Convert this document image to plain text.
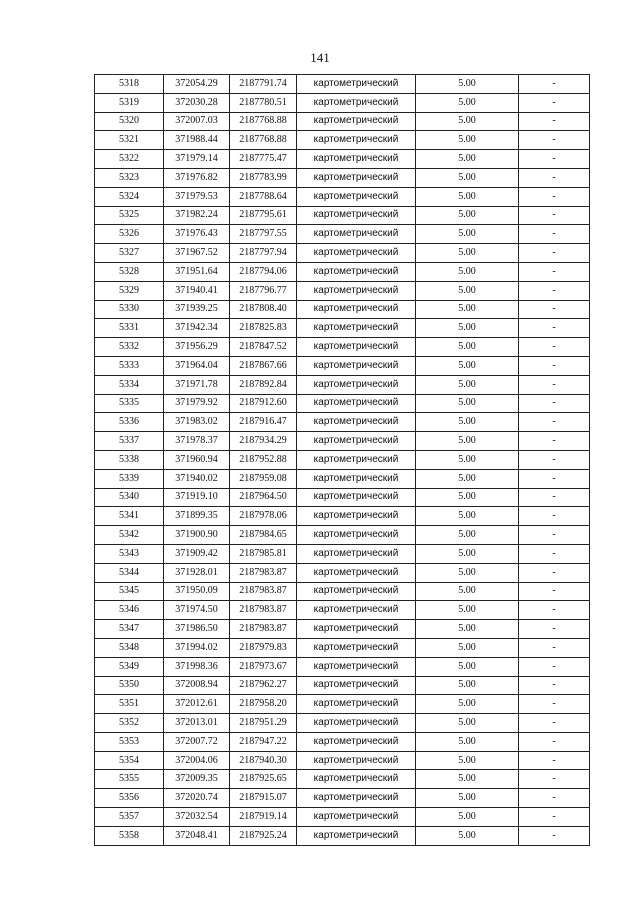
141
5318	372054.29	2187791.74	картометрический	5.00	-
5319	372030.28	2187780.51	картометрический	5.00	-
5320	372007.03	2187768.88	картометрический	5.00	-
5321	371988.44	2187768.88	картометрический	5.00	-
5322	371979.14	2187775.47	картометрический	5.00	-
5323	371976.82	2187783.99	картометрический	5.00	-
5324	371979.53	2187788.64	картометрический	5.00	-
5325	371982.24	2187795.61	картометрический	5.00	-
5326	371976.43	2187797.55	картометрический	5.00	-
5327	371967.52	2187797.94	картометрический	5.00	-
5328	371951.64	2187794.06	картометрический	5.00	-
5329	371940.41	2187796.77	картометрический	5.00	-
5330	371939.25	2187808.40	картометрический	5.00	-
5331	371942.34	2187825.83	картометрический	5.00	-
5332	371956.29	2187847.52	картометрический	5.00	-
5333	371964.04	2187867.66	картометрический	5.00	-
5334	371971.78	2187892.84	картометрический	5.00	-
5335	371979.92	2187912.60	картометрический	5.00	-
5336	371983.02	2187916.47	картометрический	5.00	-
5337	371978.37	2187934.29	картометрический	5.00	-
5338	371960.94	2187952.88	картометрический	5.00	-
5339	371940.02	2187959.08	картометрический	5.00	-
5340	371919.10	2187964.50	картометрический	5.00	-
5341	371899.35	2187978.06	картометрический	5.00	-
5342	371900.90	2187984.65	картометрический	5.00	-
5343	371909.42	2187985.81	картометрический	5.00	-
5344	371928.01	2187983.87	картометрический	5.00	-
5345	371950.09	2187983.87	картометрический	5.00	-
5346	371974.50	2187983.87	картометрический	5.00	-
5347	371986.50	2187983.87	картометрический	5.00	-
5348	371994.02	2187979.83	картометрический	5.00	-
5349	371998.36	2187973.67	картометрический	5.00	-
5350	372008.94	2187962.27	картометрический	5.00	-
5351	372012.61	2187958.20	картометрический	5.00	-
5352	372013.01	2187951.29	картометрический	5.00	-
5353	372007.72	2187947.22	картометрический	5.00	-
5354	372004.06	2187940.30	картометрический	5.00	-
5355	372009.35	2187925.65	картометрический	5.00	-
5356	372020.74	2187915.07	картометрический	5.00	-
5357	372032.54	2187919.14	картометрический	5.00	-
5358	372048.41	2187925.24	картометрический	5.00	-
